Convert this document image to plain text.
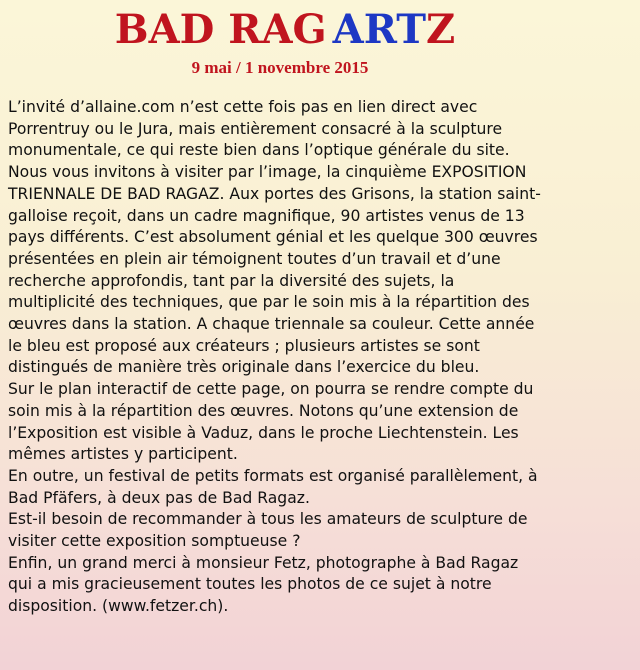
BAD RAG ARTZ
9 mai / 1 novembre 2015
L’invité d’allaine.com n’est cette fois pas en lien direct avec
Porrentruy ou le Jura, mais entièrement consacré à la sculpture
monumentale, ce qui reste bien dans l’optique générale du site.
Nous vous invitons à visiter par l’image, la cinquième EXPOSITION
TRIENNALE DE BAD RAGAZ. Aux portes des Grisons, la station saint-
galloise reçoit, dans un cadre magnifique, 90 artistes venus de 13
pays différents. C’est absolument génial et les quelque 300 œuvres
présentées en plein air témoignent toutes d’un travail et d’une
recherche approfondis, tant par la diversité des sujets, la
multiplicité des techniques, que par le soin mis à la répartition des
œuvres dans la station. A chaque triennale sa couleur. Cette année
le bleu est proposé aux créateurs ; plusieurs artistes se sont
distingués de manière très originale dans l’exercice du bleu.
Sur le plan interactif de cette page, on pourra se rendre compte du
soin mis à la répartition des œuvres. Notons qu’une extension de
l’Exposition est visible à Vaduz, dans le proche Liechtenstein. Les
mêmes artistes y participent.
En outre, un festival de petits formats est organisé parallèlement, à
Bad Pfäfers, à deux pas de Bad Ragaz.
Est-il besoin de recommander à tous les amateurs de sculpture de
visiter cette exposition somptueuse ?
Enfin, un grand merci à monsieur Fetz, photographe à Bad Ragaz
qui a mis gracieusement toutes les photos de ce sujet à notre
disposition. (www.fetzer.ch).
